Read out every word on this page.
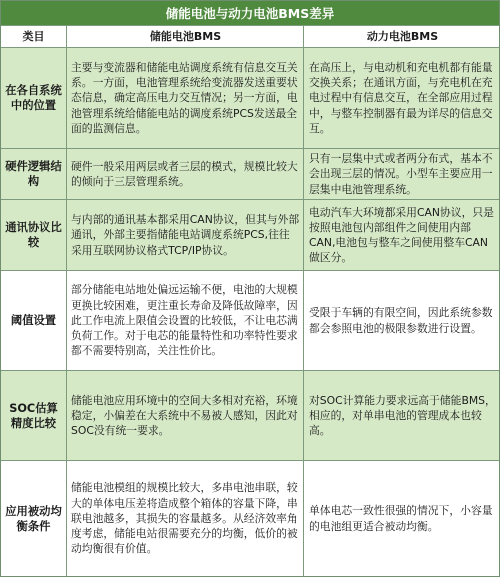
储能电池与动力电池BMS差异
类目	储能电池BMS	动力电池BMS
在各自系统中的位置
主要与变流器和储能电站调度系统有信息交互关系。一方面，电池管理系统给变流器发送重要状态信息，确定高压电力交互情况；另一方面，电池管理系统给储能电站的调度系统PCS发送最全面的监测信息。
在高压上，与电动机和充电机都有能量交换关系；在通讯方面，与充电机在充电过程中有信息交互，在全部应用过程中，与整车控制器有最为详尽的信息交互。
硬件逻辑结构
通讯协议比较
硬件一般采用两层或者三层的模式，规模比较大的倾向于三层管理系统。
与内部的通讯基本都采用CAN协议，但其与外部通讯，外部主要指储能电站调度系统PCS,往往采用互联网协议格式TCP/IP协议。
只有一层集中式或者两分布式，基本不会出现三层的情况。小型车主要应用一层集中电池管理系统。
电动汽车大环境都采用CAN协议，只是按照电池包内部组件之间使用内部CAN,电池包与整车之间使用整车CAN做区分。
阈值设置
部分储能电站地处偏远运输不便，电池的大规模更换比较困难，更注重长寿命及降低故障率，因此工作电流上限值会设置的比较低，不让电芯满负荷工作。对于电芯的能量特性和功率特性要求都不需要特别高，关注性价比。
受限于车辆的有限空间，因此系统参数都会参照电池的极限参数进行设置。
SOC估算精度比较
储能电池应用环境中的空间大多相对充裕，环境稳定，小偏差在大系统中不易被人感知，因此对SOC没有统一要求。
对SOC计算能力要求远高于储能BMS，相应的，对单串电池的管理成本也较高。
应用被动均衡条件
储能电池模组的规模比较大，多串电池串联，较大的单体电压差将造成整个箱体的容量下降，串联电池越多，其损失的容量越多。从经济效率角度考虑，储能电站很需要充分的均衡，低价的被动均衡很有价值。
单体电芯一致性很强的情况下，小容量的电池组更适合被动均衡。
